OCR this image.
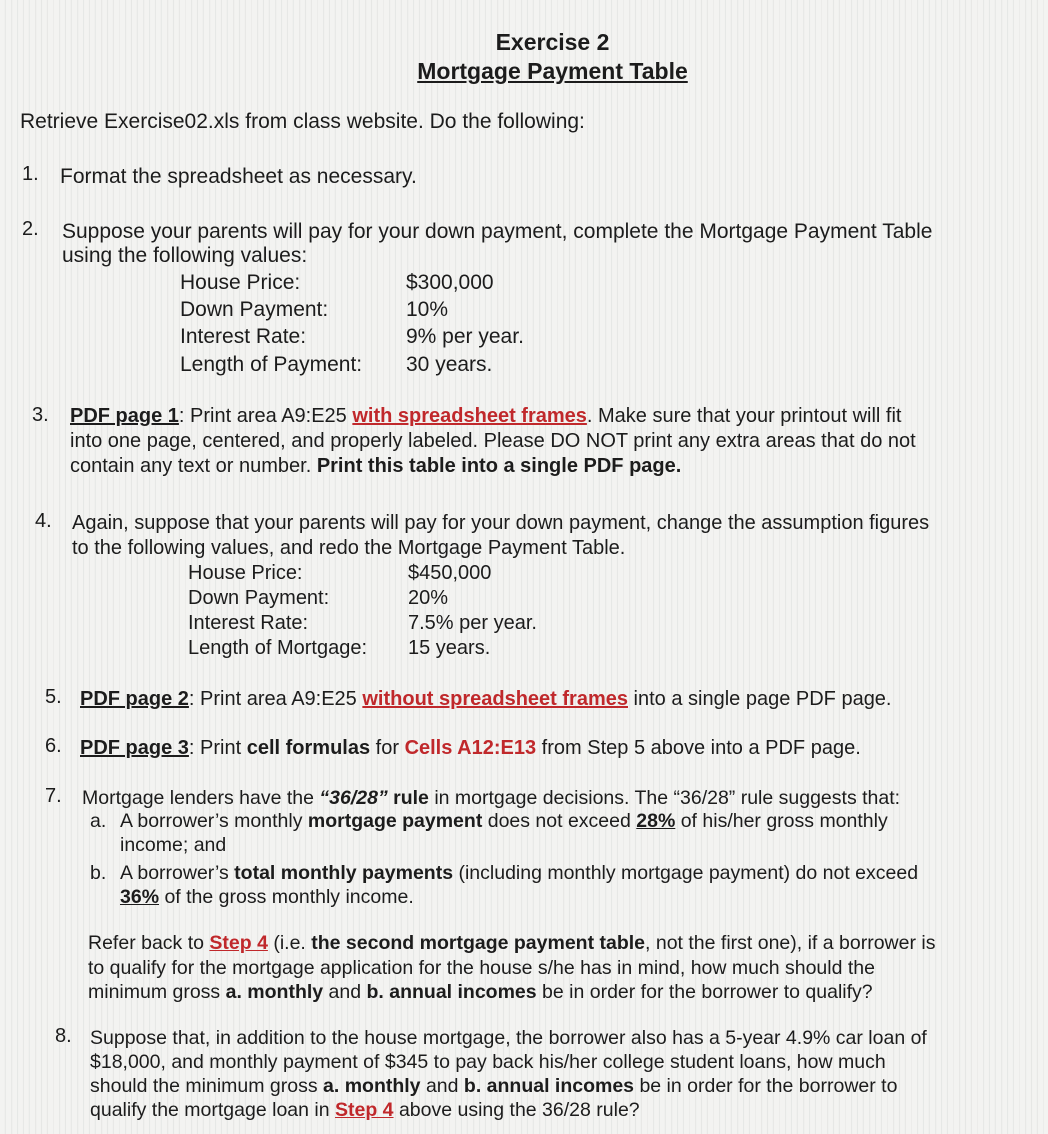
Exercise 2
Mortgage Payment Table
Retrieve Exercise02.xls from class website. Do the following:
1. Format the spreadsheet as necessary.
2. Suppose your parents will pay for your down payment, complete the Mortgage Payment Table
using the following values:
House Price:	$300,000
Down Payment:	10%
Interest Rate:	9% per year.
Length of Payment: 30 years.
3. PDF page 1: Print area A9:E25 with spreadsheet frames. Make sure that your printout will fit
into one page, centered, and properly labeled. Please DO NOT print any extra areas that do not
contain any text or number. Print this table into a single PDF page.
4. Again, suppose that your parents will pay for your down payment, change the assumption figures
to the following values, and redo the Mortgage Payment Table.
House Price:	$450,000
Down Payment:	20%
Interest Rate:	7.5% per year.
Length of Mortgage: 15 years.
5. PDF page 2: Print area A9:E25 without spreadsheet frames into a single page PDF page.
6. PDF page 3: Print cell formulas for Cells A12:E13 from Step 5 above into a PDF page.
7. Mortgage lenders have the “36/28” rule in mortgage decisions. The “36/28” rule suggests that:
a. A borrower’s monthly mortgage payment does not exceed 28% of his/her gross monthly
income; and
b. A borrower’s total monthly payments (including monthly mortgage payment) do not exceed
36% of the gross monthly income.
Refer back to Step 4 (i.e. the second mortgage payment table, not the first one), if a borrower is
to qualify for the mortgage application for the house s/he has in mind, how much should the
minimum gross a. monthly and b. annual incomes be in order for the borrower to qualify?
8. Suppose that, in addition to the house mortgage, the borrower also has a 5-year 4.9% car loan of
$18,000, and monthly payment of $345 to pay back his/her college student loans, how much
should the minimum gross a. monthly and b. annual incomes be in order for the borrower to
qualify the mortgage loan in Step 4 above using the 36/28 rule?
